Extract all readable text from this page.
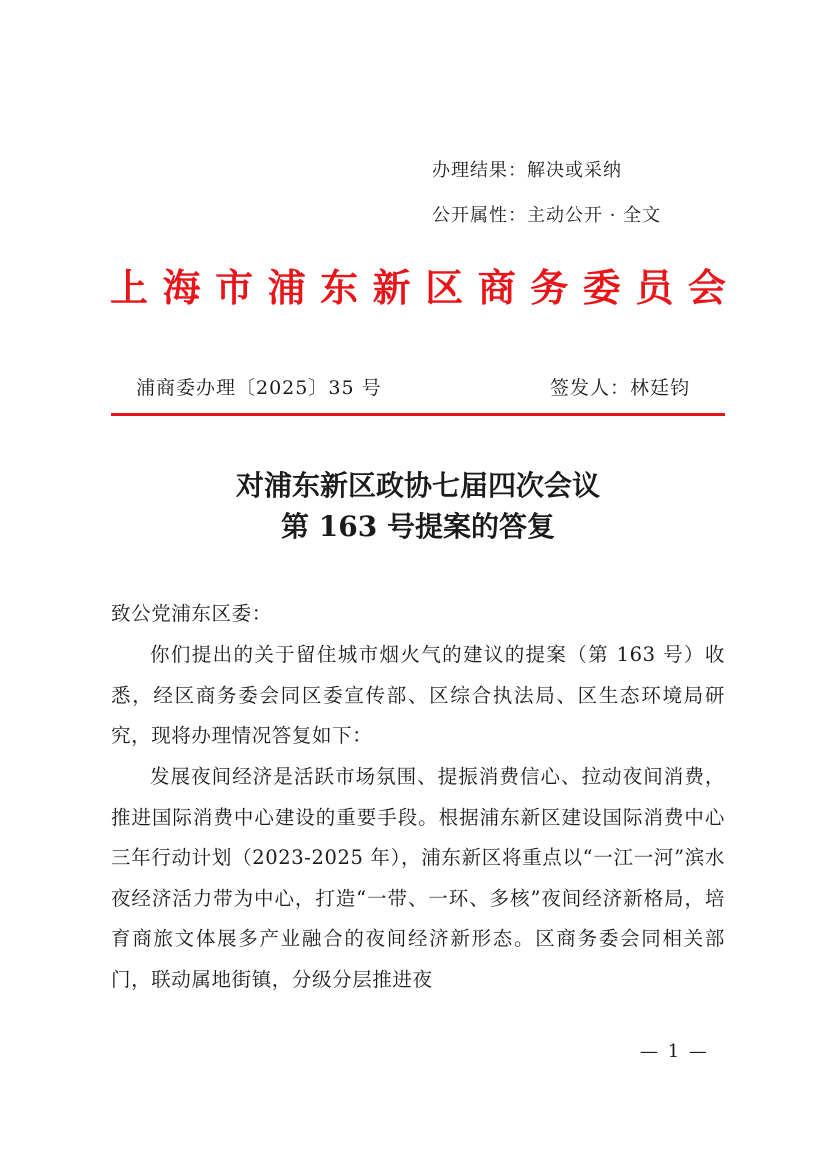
办理结果：解决或采纳
公开属性：主动公开 · 全文
上 海 市 浦 东 新 区 商 务 委 员 会
浦商委办理〔2025〕35 号	签发人：林廷钧
对浦东新区政协七届四次会议
第 163 号提案的答复
致公党浦东区委：
你们提出的关于留住城市烟火气的建议的提案（第 163 号）收悉，经区商务委会同区委宣传部、区综合执法局、区生态环境局研究，现将办理情况答复如下：
发展夜间经济是活跃市场氛围、提振消费信心、拉动夜间消费，推进国际消费中心建设的重要手段。根据浦东新区建设国际消费中心三年行动计划（2023-2025 年），浦东新区将重点以“一江一河”滨水夜经济活力带为中心，打造“一带、一环、多核”夜间经济新格局，培育商旅文体展多产业融合的夜间经济新形态。区商务委会同相关部门，联动属地街镇，分级分层推进夜
— 1 —
